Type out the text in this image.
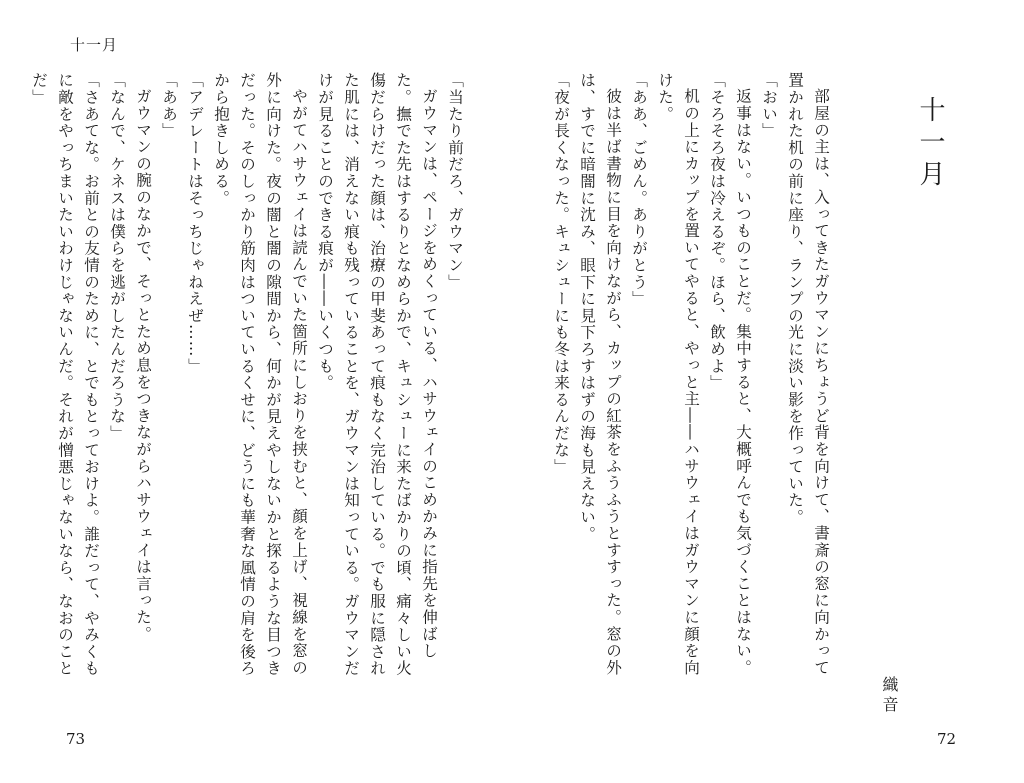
十一月
十一月
織音

部屋の主は、入ってきたガウマンにちょうど背を向けて、書斎の窓に向かって置かれた机の前に座り、ランプの光に淡い影を作っていた。

「おい」

返事はない。いつものことだ。集中すると、大概呼んでも気づくことはない。

「そろそろ夜は冷えるぞ。ほら、飲めよ」

机の上にカップを置いてやると、やっと主――ハサウェイはガウマンに顔を向けた。

「ああ、ごめん。ありがとう」

彼は半ば書物に目を向けながら、カップの紅茶をふうふうとすすった。窓の外は、すでに暗闇に沈み、眼下に見下ろすはずの海も見えない。

「夜が長くなった。キュシューにも冬は来るんだな」

「当たり前だろ、ガウマン」

ガウマンは、ページをめくっている、ハサウェイのこめかみに指先を伸ばした。撫でた先はするりとなめらかで、キュシューに来たばかりの頃、痛々しい火傷だらけだった顔は、治療の甲斐あって痕もなく完治している。でも服に隠された肌には、消えない痕も残っていることを、ガウマンは知っている。ガウマンだけが見ることのできる痕が――いくつも。

やがてハサウェイは読んでいた箇所にしおりを挟むと、顔を上げ、視線を窓の外に向けた。夜の闇と闇の隙間から、何かが見えやしないかと探るような目つきだった。そのしっかり筋肉はついているくせに、どうにも華奢な風情の肩を後ろから抱きしめる。

「アデレートはそっちじゃねえぜ……」

「ああ」

ガウマンの腕のなかで、そっとため息をつきながらハサウェイは言った。

「なんで、ケネスは僕らを逃がしたんだろうな」

「さあてな。お前との友情のために、とでもとっておけよ。誰だって、やみくもに敵をやっちまいたいわけじゃないんだ。それが憎悪じゃないなら、なおのことだ」

73	72
